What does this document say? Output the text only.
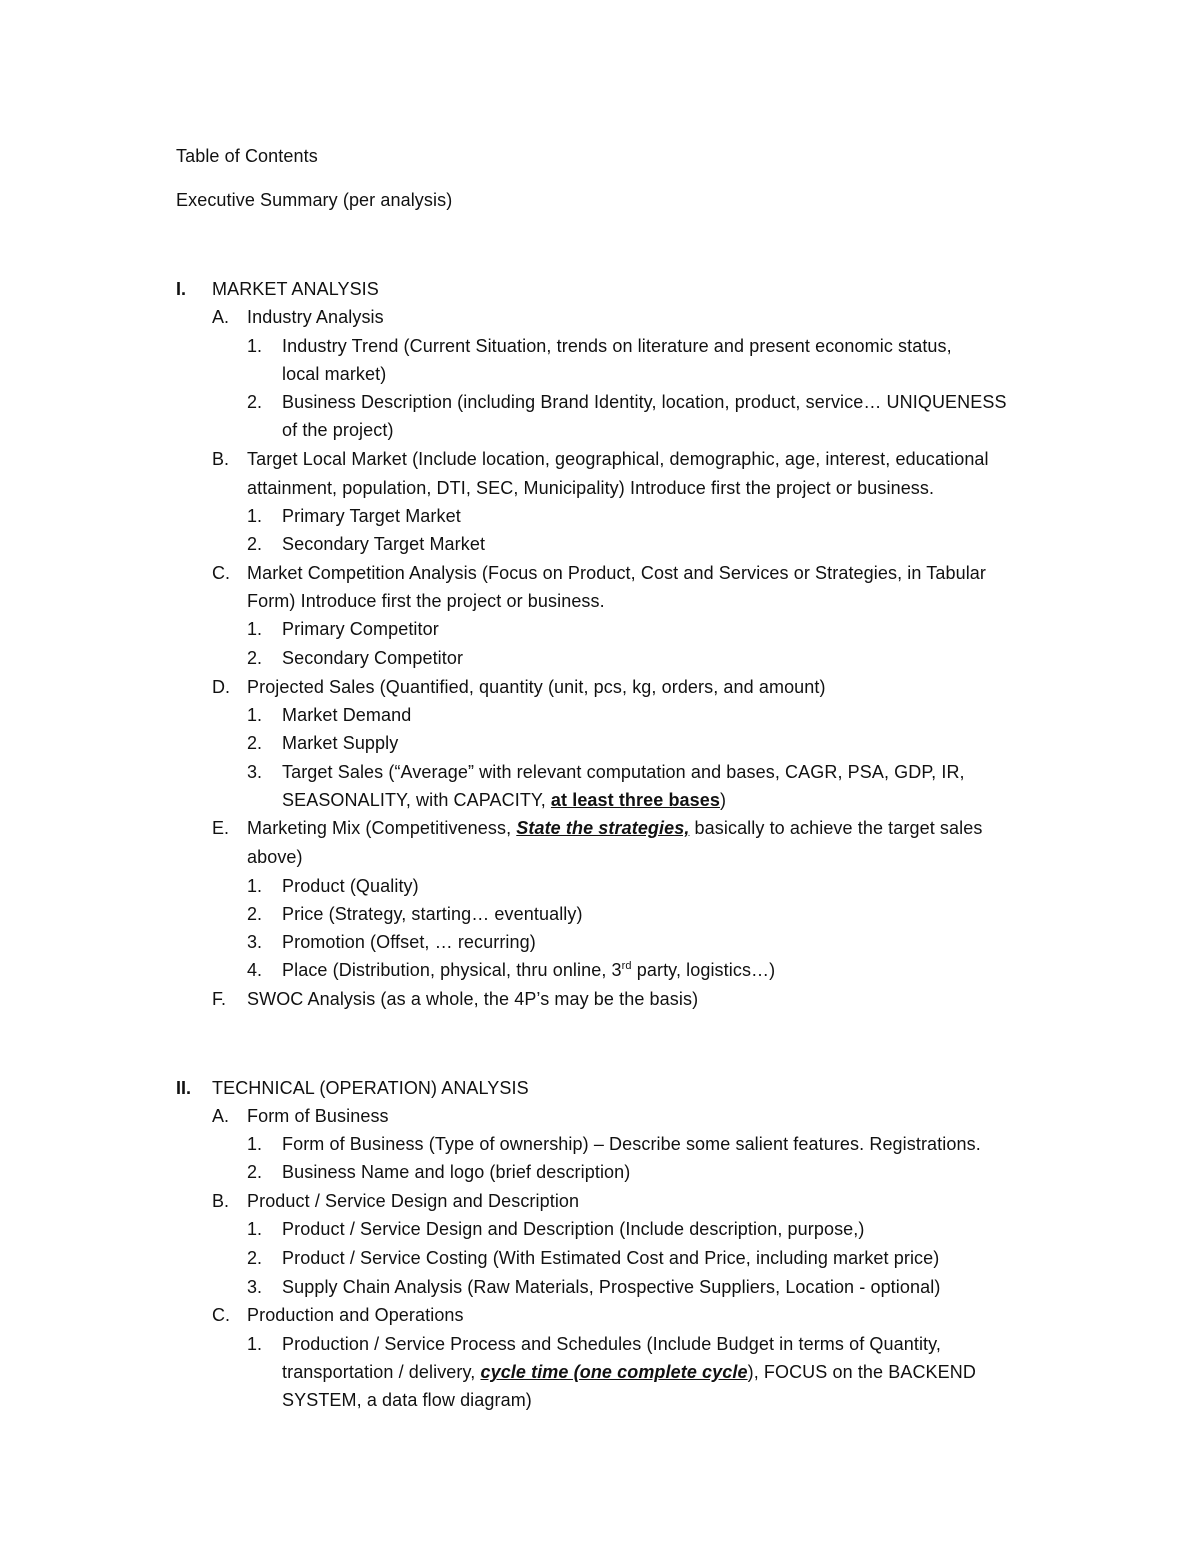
Table of Contents
Executive Summary (per analysis)
I. MARKET ANALYSIS
A. Industry Analysis
1. Industry Trend (Current Situation, trends on literature and present economic status,
local market)
2. Business Description (including Brand Identity, location, product, service… UNIQUENESS
of the project)
B. Target Local Market (Include location, geographical, demographic, age, interest, educational
attainment, population, DTI, SEC, Municipality) Introduce first the project or business.
1. Primary Target Market
2. Secondary Target Market
C. Market Competition Analysis (Focus on Product, Cost and Services or Strategies, in Tabular
Form) Introduce first the project or business.
1. Primary Competitor
2. Secondary Competitor
D. Projected Sales (Quantified, quantity (unit, pcs, kg, orders, and amount)
1. Market Demand
2. Market Supply
3. Target Sales (“Average” with relevant computation and bases, CAGR, PSA, GDP, IR,
SEASONALITY, with CAPACITY, at least three bases)
E. Marketing Mix (Competitiveness, State the strategies, basically to achieve the target sales
above)
1. Product (Quality)
2. Price (Strategy, starting… eventually)
3. Promotion (Offset, … recurring)
4. Place (Distribution, physical, thru online, 3rd party, logistics…)
F. SWOC Analysis (as a whole, the 4P’s may be the basis)
II. TECHNICAL (OPERATION) ANALYSIS
A. Form of Business
1. Form of Business (Type of ownership) – Describe some salient features. Registrations.
2. Business Name and logo (brief description)
B. Product / Service Design and Description
1. Product / Service Design and Description (Include description, purpose,)
2. Product / Service Costing (With Estimated Cost and Price, including market price)
3. Supply Chain Analysis (Raw Materials, Prospective Suppliers, Location - optional)
C. Production and Operations
1. Production / Service Process and Schedules (Include Budget in terms of Quantity,
transportation / delivery, cycle time (one complete cycle), FOCUS on the BACKEND
SYSTEM, a data flow diagram)
